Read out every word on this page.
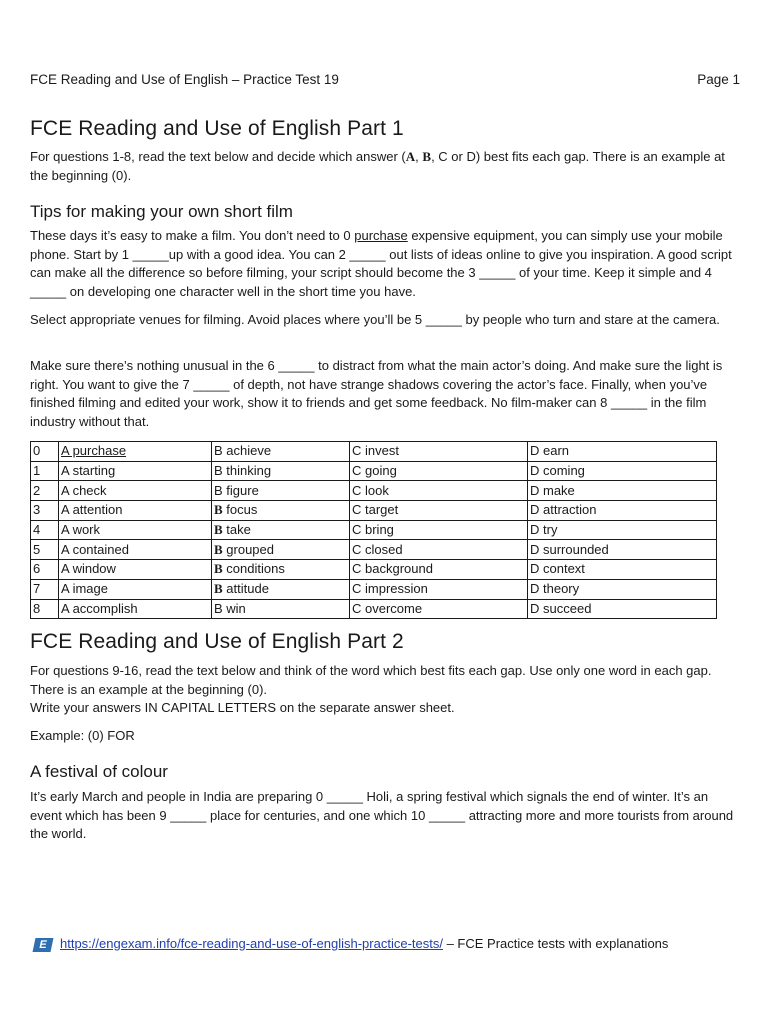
FCE Reading and Use of English – Practice Test 19	Page 1
FCE Reading and Use of English Part 1

For questions 1-8, read the text below and decide which answer (A, B, C or D) best fits each gap. There is an example at the beginning (0).

Tips for making your own short film

These days it’s easy to make a film. You don’t need to 0 purchase expensive equipment, you can simply use your mobile phone. Start by 1 _____up with a good idea. You can 2 _____ out lists of ideas online to give you inspiration. A good script can make all the difference so before filming, your script should become the 3 _____ of your time. Keep it simple and 4 _____ on developing one character well in the short time you have.

Select appropriate venues for filming. Avoid places where you’ll be 5 _____ by people who turn and stare at the camera.

Make sure there’s nothing unusual in the 6 _____ to distract from what the main actor’s doing. And make sure the light is right. You want to give the 7 _____ of depth, not have strange shadows covering the actor’s face. Finally, when you’ve finished filming and edited your work, show it to friends and get some feedback. No film-maker can 8 _____ in the film industry without that.

0	A purchase	B achieve	C invest	D earn
1	A starting	B thinking	C going	D coming
2	A check	B figure	C look	D make
3	A attention	B focus	C target	D attraction
4	A work	B take	C bring	D try
5	A contained	B grouped	C closed	D surrounded
6	A window	B conditions	C background	D context
7	A image	B attitude	C impression	D theory
8	A accomplish	B win	C overcome	D succeed
FCE Reading and Use of English Part 2

For questions 9-16, read the text below and think of the word which best fits each gap. Use only one word in each gap. There is an example at the beginning (0).

Write your answers IN CAPITAL LETTERS on the separate answer sheet.

Example: (0) FOR

A festival of colour

It’s early March and people in India are preparing 0 _____ Holi, a spring festival which signals the end of winter. It’s an event which has been 9 _____ place for centuries, and one which 10 _____ attracting more and more tourists from around the world.

E https://engexam.info/fce-reading-and-use-of-english-practice-tests/ – FCE Practice tests with explanations
